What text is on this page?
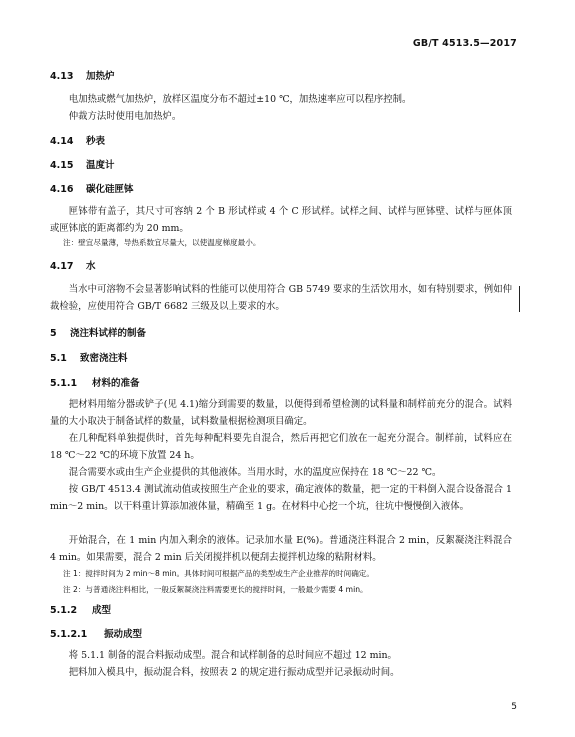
GB/T 4513.5—2017
4.13 加热炉
电加热或燃气加热炉，放样区温度分布不超过±10 ℃，加热速率应可以程序控制。
仲裁方法时使用电加热炉。
4.14 秒表
4.15 温度计
4.16 碳化硅匣钵
匣钵带有盖子，其尺寸可容纳 2 个 B 形试样或 4 个 C 形试样。试样之间、试样与匣钵壁、试样与匣体顶或匣钵底的距离都约为 20 mm。
注：壁宜尽量薄，导热系数宜尽量大，以使温度梯度最小。
4.17 水
当水中可溶物不会显著影响试料的性能可以使用符合 GB 5749 要求的生活饮用水，如有特别要求，例如仲裁检验，应使用符合 GB/T 6682 三级及以上要求的水。
5 浇注料试样的制备
5.1 致密浇注料
5.1.1 材料的准备
把材料用缩分器或铲子(见 4.1)缩分到需要的数量，以便得到希望检测的试料量和制样前充分的混合。试料量的大小取决于制备试样的数量，试料数量根据检测项目确定。
在几种配料单独提供时，首先每种配料要先自混合，然后再把它们放在一起充分混合。制样前，试料应在 18 ℃～22 ℃的环境下放置 24 h。
混合需要水或由生产企业提供的其他液体。当用水时，水的温度应保持在 18 ℃～22 ℃。
按 GB/T 4513.4 测试流动值或按照生产企业的要求，确定液体的数量，把一定的干料倒入混合设备混合 1 min～2 min。以干料重计算添加液体量，精确至 1 g。在材料中心挖一个坑，往坑中慢慢倒入液体。
开始混合，在 1 min 内加入剩余的液体。记录加水量 E(%)。普通浇注料混合 2 min，反絮凝浇注料混合 4 min。如果需要，混合 2 min 后关闭搅拌机以便刮去搅拌机边缘的粘附材料。
注 1：搅拌时间为 2 min～8 min。具体时间可根据产品的类型或生产企业推荐的时间确定。
注 2：与普通浇注料相比，一般反絮凝浇注料需要更长的搅拌时间，一般最少需要 4 min。
5.1.2 成型
5.1.2.1 振动成型
将 5.1.1 制备的混合料振动成型。混合和试样制备的总时间应不超过 12 min。
把料加入模具中，振动混合料，按照表 2 的规定进行振动成型并记录振动时间。
5
